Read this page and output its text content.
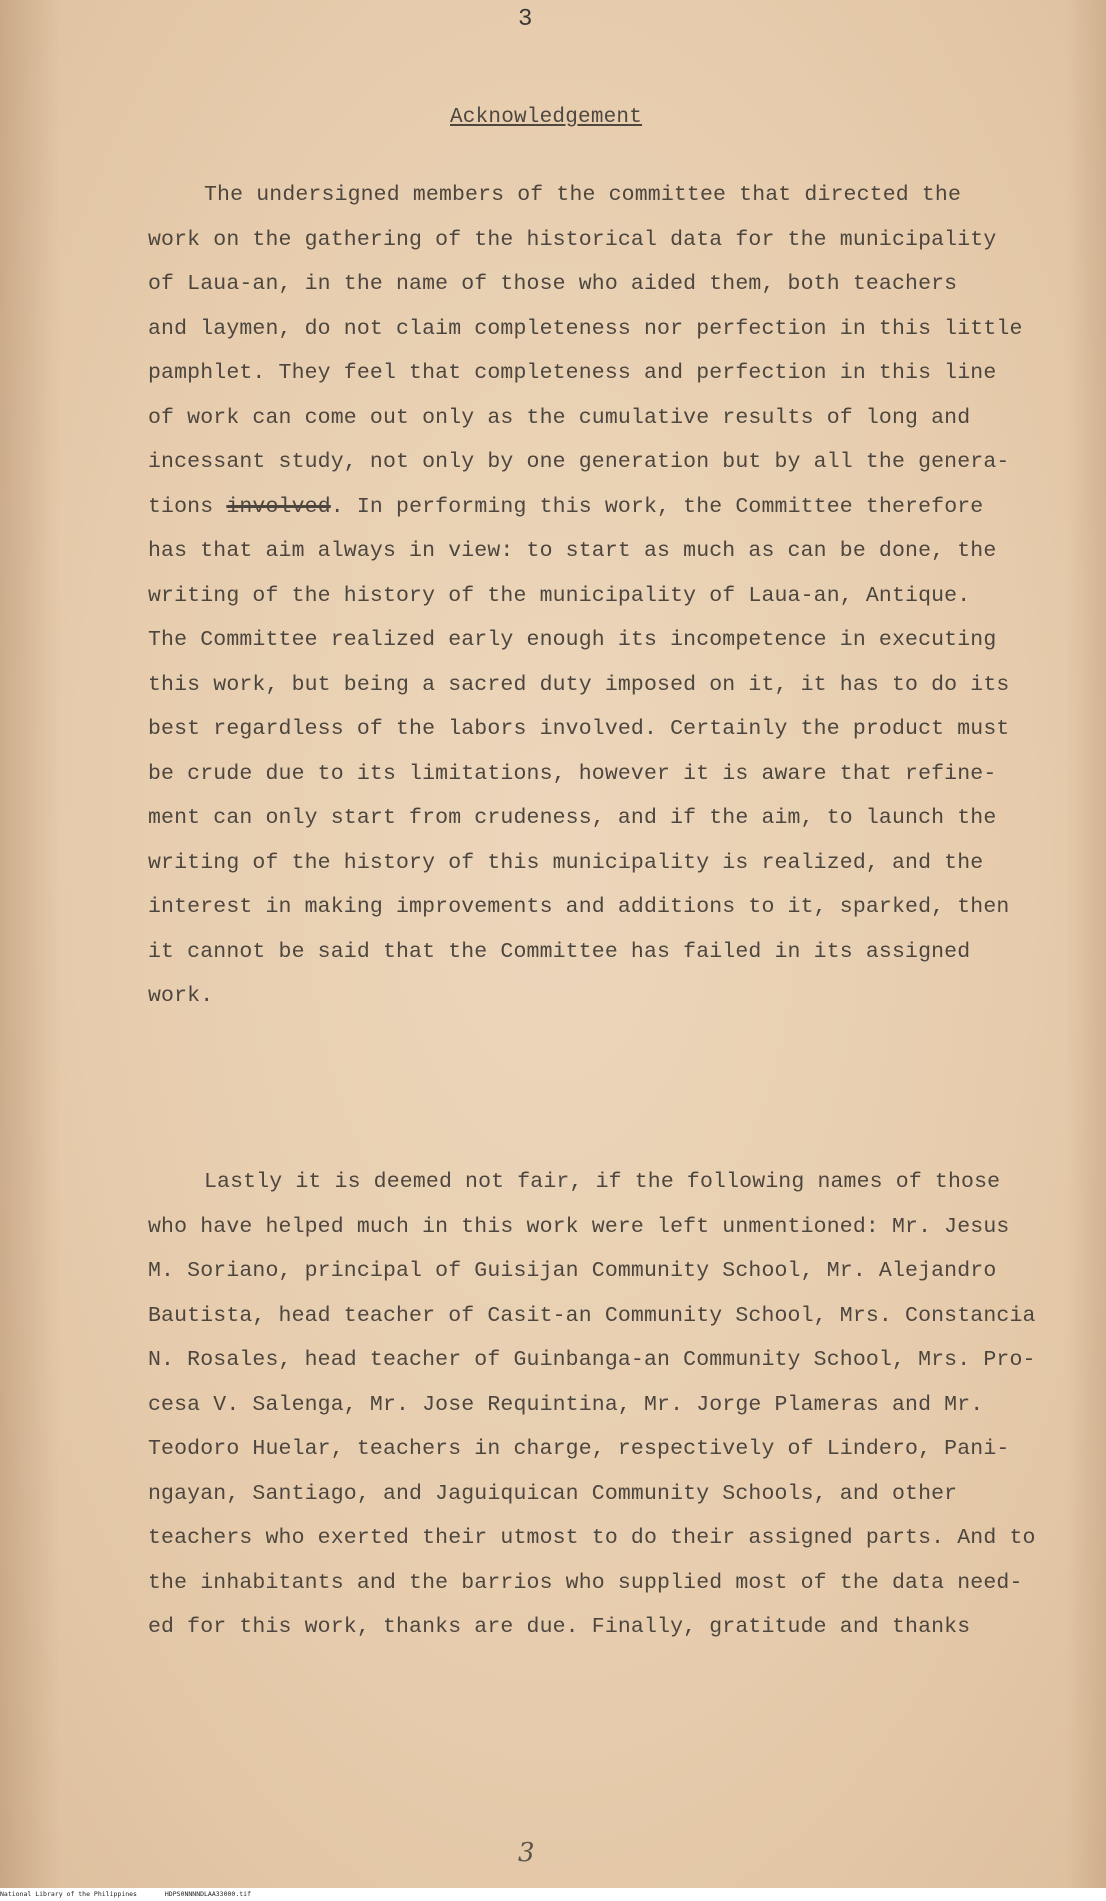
3
Acknowledgement
The undersigned members of the committee that directed the
work on the gathering of the historical data for the municipality
of Laua-an, in the name of those who aided them, both teachers
and laymen, do not claim completeness nor perfection in this little
pamphlet. They feel that completeness and perfection in this line
of work can come out only as the cumulative results of long and
incessant study, not only by one generation but by all the genera-
tions involved. In performing this work, the Committee therefore
has that aim always in view: to start as much as can be done, the
writing of the history of the municipality of Laua-an, Antique.
The Committee realized early enough its incompetence in executing
this work, but being a sacred duty imposed on it, it has to do its
best regardless of the labors involved. Certainly the product must
be crude due to its limitations, however it is aware that refine-
ment can only start from crudeness, and if the aim, to launch the
writing of the history of this municipality is realized, and the
interest in making improvements and additions to it, sparked, then
it cannot be said that the Committee has failed in its assigned
work.
Lastly it is deemed not fair, if the following names of those
who have helped much in this work were left unmentioned: Mr. Jesus
M. Soriano, principal of Guisijan Community School, Mr. Alejandro
Bautista, head teacher of Casit-an Community School, Mrs. Constancia
N. Rosales, head teacher of Guinbanga-an Community School, Mrs. Pro-
cesa V. Salenga, Mr. Jose Requintina, Mr. Jorge Plameras and Mr.
Teodoro Huelar, teachers in charge, respectively of Lindero, Pani-
ngayan, Santiago, and Jaguiquican Community Schools, and other
teachers who exerted their utmost to do their assigned parts. And to
the inhabitants and the barrios who supplied most of the data need-
ed for this work, thanks are due. Finally, gratitude and thanks
3
National Library of the Philippines	HDPS0NNNNDLAA33000.tif
